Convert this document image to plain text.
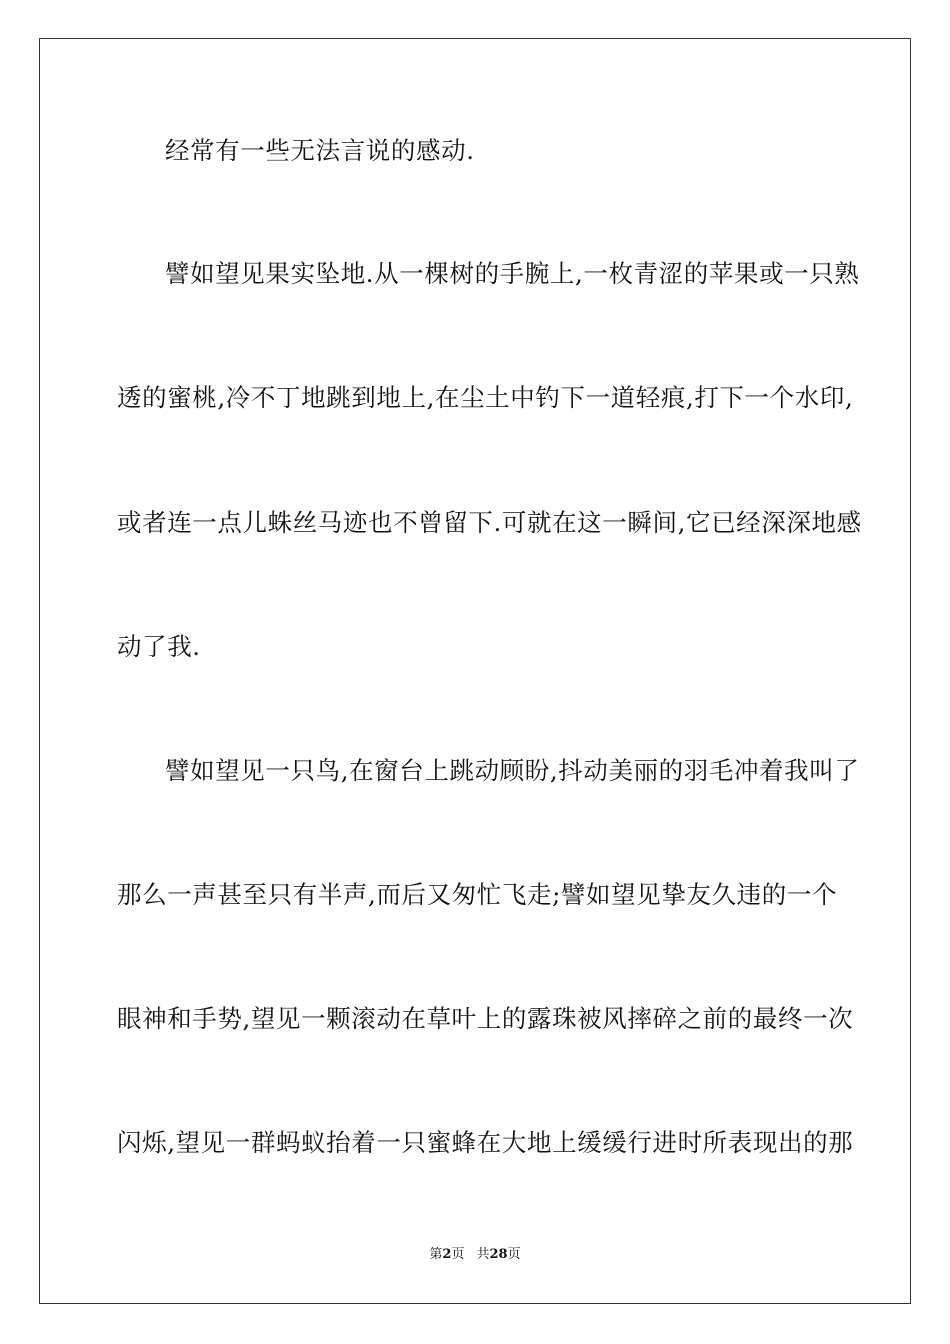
经常有一些无法言说的感动.
譬如望见果实坠地.从一棵树的手腕上,一枚青涩的苹果或一只熟
透的蜜桃,冷不丁地跳到地上,在尘土中钓下一道轻痕,打下一个水印,
或者连一点儿蛛丝马迹也不曾留下.可就在这一瞬间,它已经深深地感
动了我.
譬如望见一只鸟,在窗台上跳动顾盼,抖动美丽的羽毛冲着我叫了
那么一声甚至只有半声,而后又匆忙飞走;譬如望见挚友久违的一个
眼神和手势,望见一颗滚动在草叶上的露珠被风摔碎之前的最终一次
闪烁,望见一群蚂蚁抬着一只蜜蜂在大地上缓缓行进时所表现出的那
第2页 共28页
